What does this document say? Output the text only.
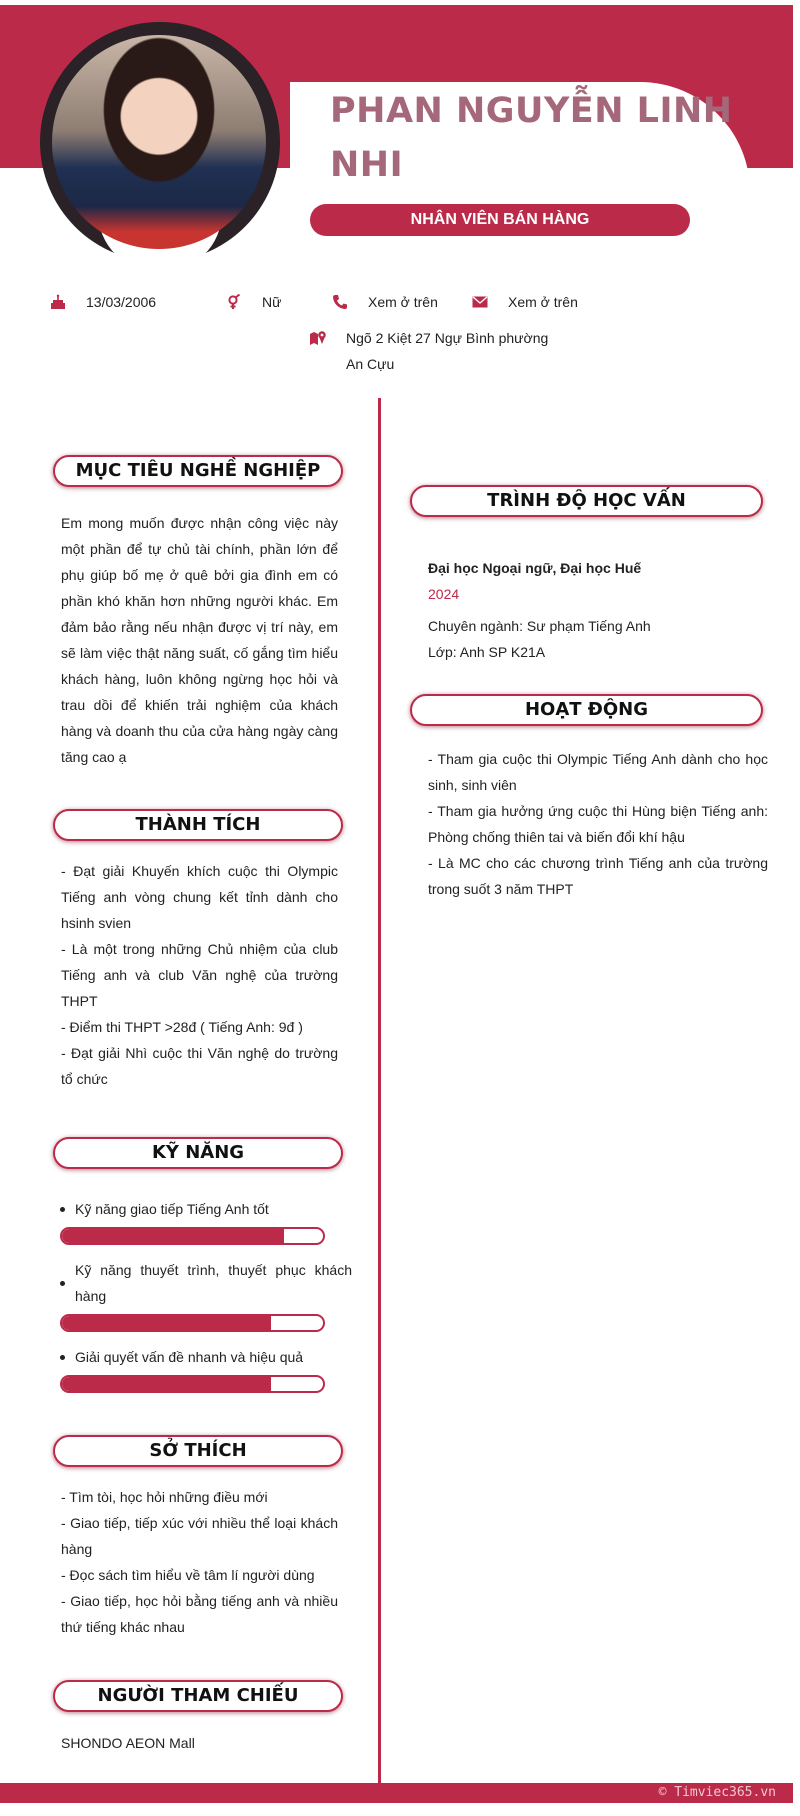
PHAN NGUYỄN LINH NHI
NHÂN VIÊN BÁN HÀNG
13/03/2006	Nữ	Xem ở trên	Xem ở trên
Ngõ 2 Kiệt 27 Ngự Bình phường An Cựu
MỤC TIÊU NGHỀ NGHIỆP
Em mong muốn được nhận công việc này một phần để tự chủ tài chính, phần lớn để phụ giúp bố mẹ ở quê bởi gia đình em có phần khó khăn hơn những người khác. Em đảm bảo rằng nếu nhận được vị trí này, em sẽ làm việc thật năng suất, cố gắng tìm hiểu khách hàng, luôn không ngừng học hỏi và trau dồi để khiến trải nghiệm của khách hàng và doanh thu của cửa hàng ngày càng tăng cao ạ
THÀNH TÍCH

- Đạt giải Khuyến khích cuộc thi Olympic Tiếng anh vòng chung kết tỉnh dành cho hsinh svien

- Là một trong những Chủ nhiệm của club Tiếng anh và club Văn nghệ của trường THPT

- Điểm thi THPT >28đ ( Tiếng Anh: 9đ )

- Đạt giải Nhì cuộc thi Văn nghệ do trường tổ chức

KỸ NĂNG
Kỹ năng giao tiếp Tiếng Anh tốt
Kỹ năng thuyết trình, thuyết phục khách hàng
Giải quyết vấn đề nhanh và hiệu quả
SỞ THÍCH

- Tìm tòi, học hỏi những điều mới

- Giao tiếp, tiếp xúc với nhiều thể loại khách hàng

- Đọc sách tìm hiểu về tâm lí người dùng

- Giao tiếp, học hỏi bằng tiếng anh và nhiều thứ tiếng khác nhau

NGƯỜI THAM CHIẾU
SHONDO AEON Mall
TRÌNH ĐỘ HỌC VẤN

Đại học Ngoại ngữ, Đại học Huế

2024

Chuyên ngành: Sư phạm Tiếng Anh

Lớp: Anh SP K21A

HOẠT ĐỘNG

- Tham gia cuộc thi Olympic Tiếng Anh dành cho học sinh, sinh viên

- Tham gia hưởng ứng cuộc thi Hùng biện Tiếng anh: Phòng chống thiên tai và biến đổi khí hậu

- Là MC cho các chương trình Tiếng anh của trường trong suốt 3 năm THPT

© Timviec365.vn
